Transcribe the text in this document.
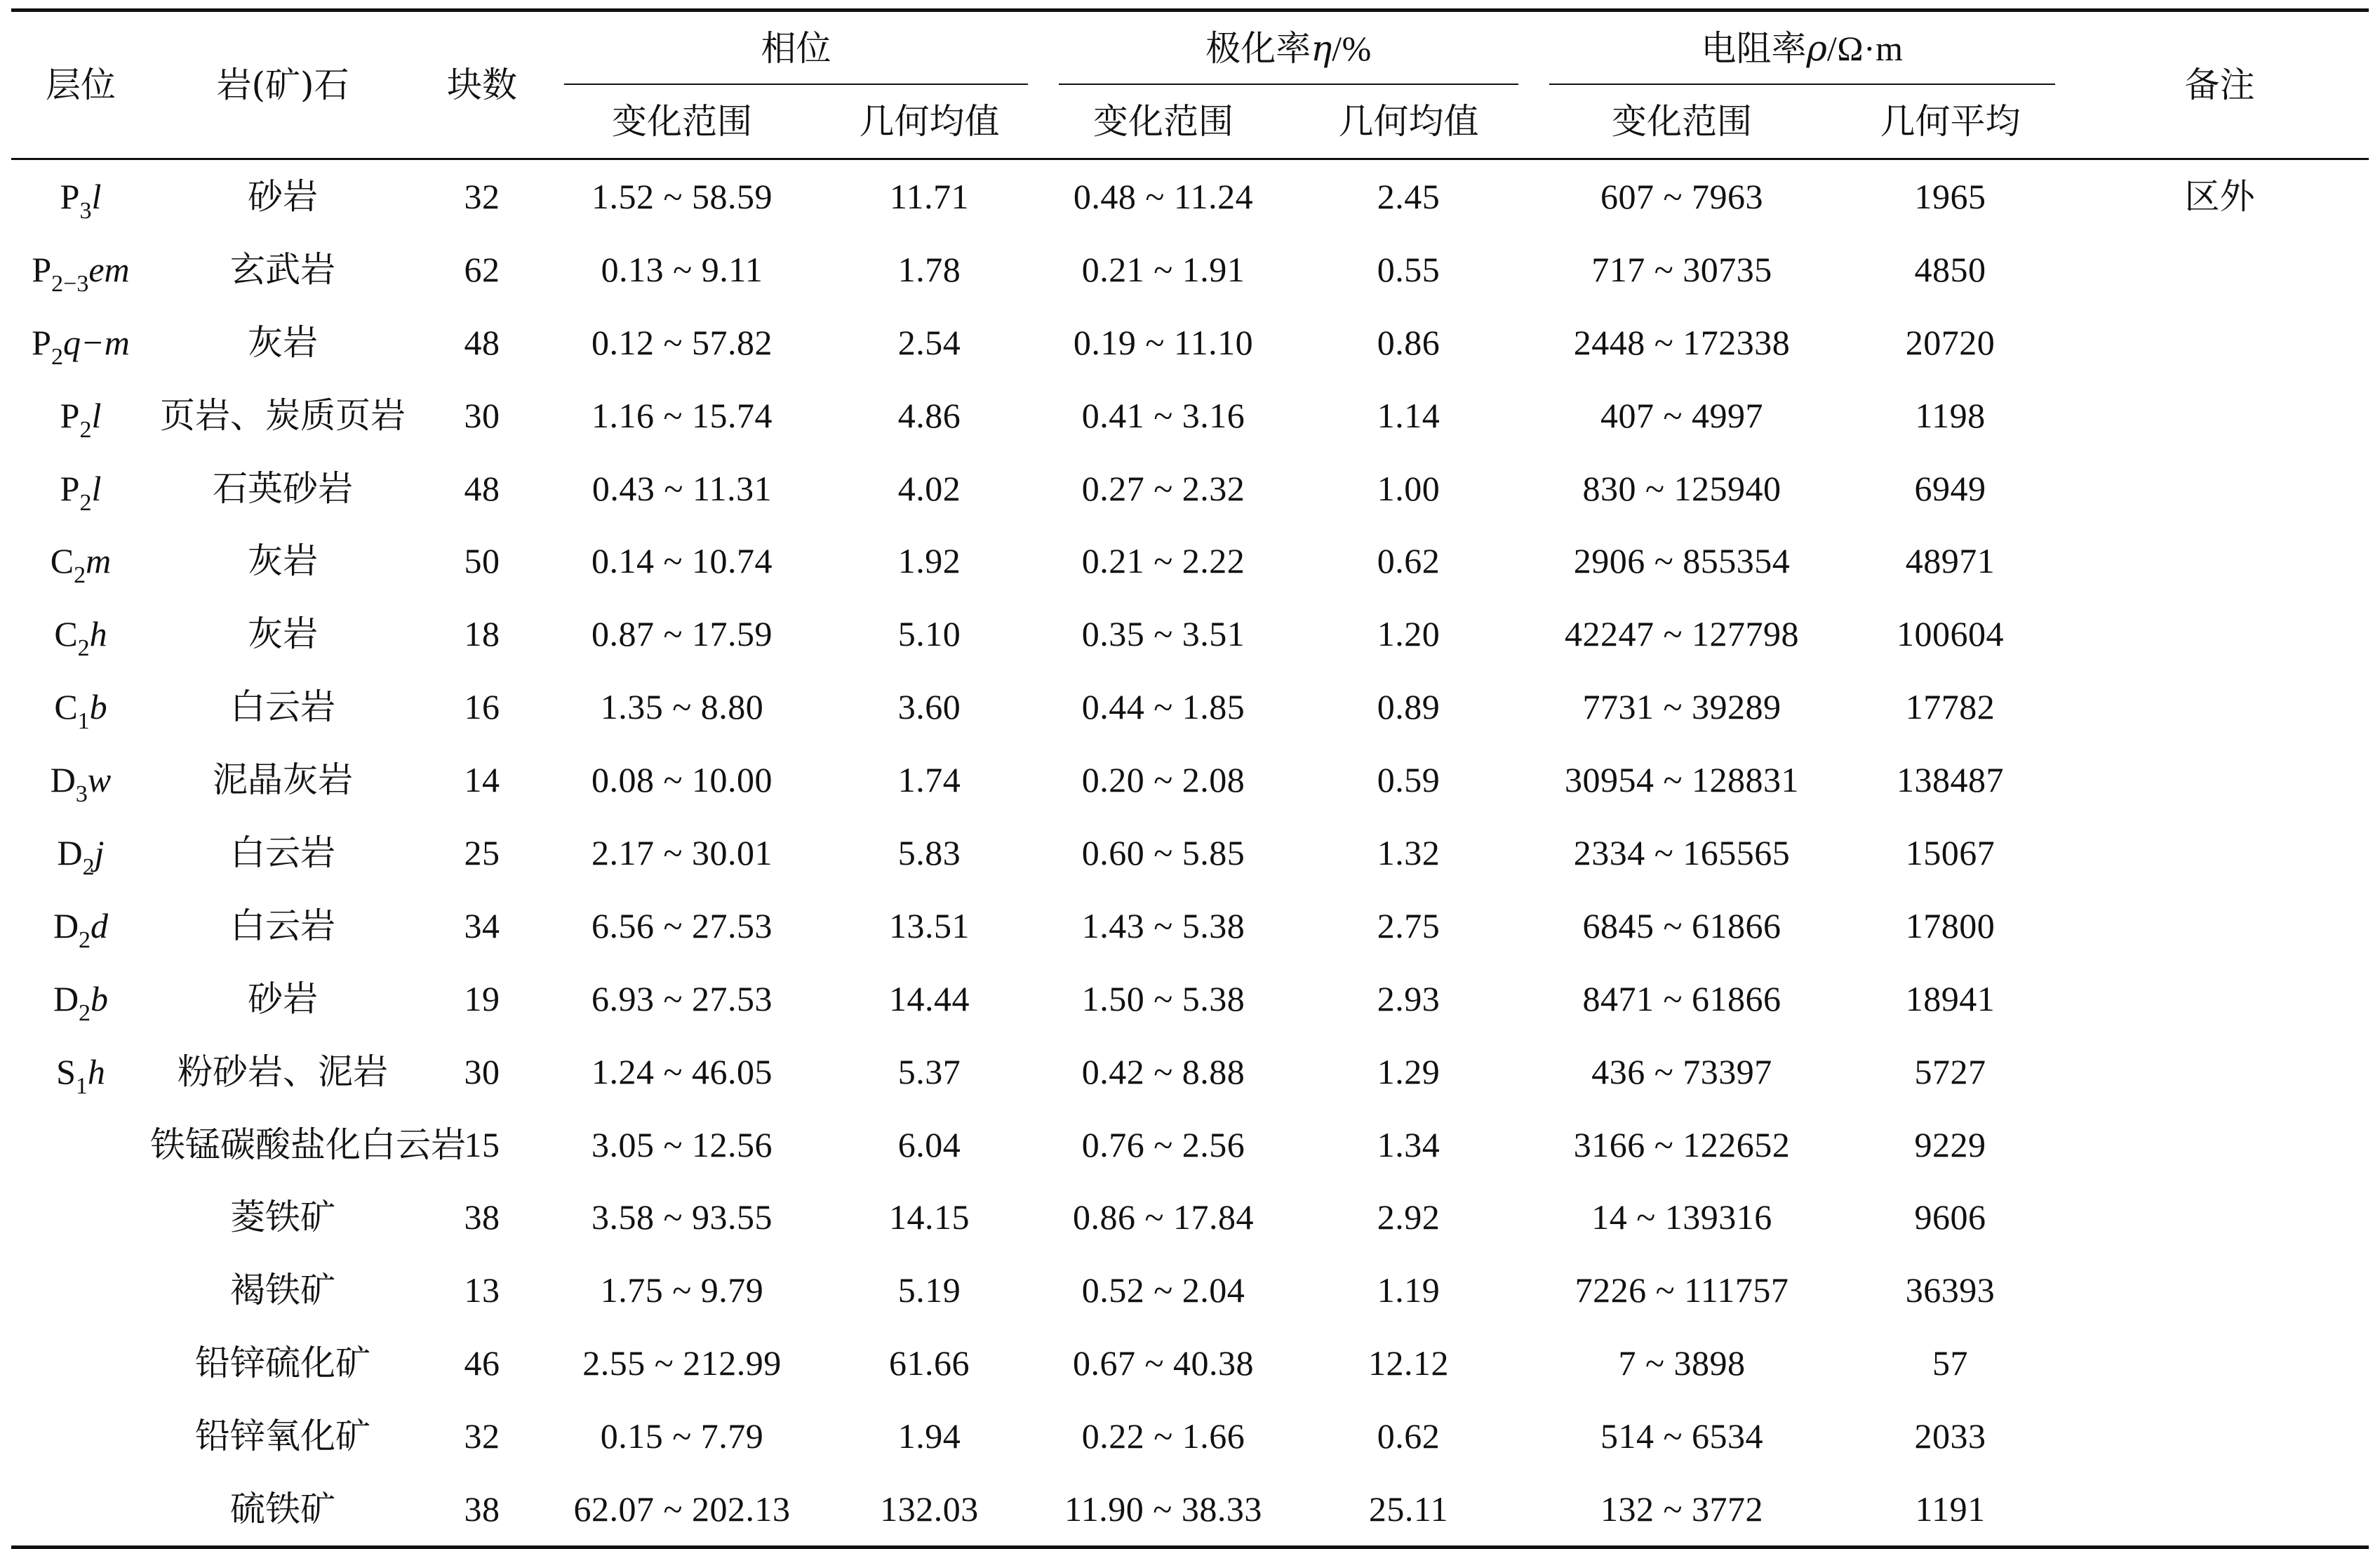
层位	岩(矿)石	块数	相位		极化率η/%		电阻率ρ/Ω·m		备注
			变化范围	几何均值	变化范围	几何均值	变化范围	几何平均	
$P_3l$	砂岩	32	1.52 ~ 58.59	11.71	0.48 ~ 11.24	2.45	607 ~ 7963	1965	区外
$P_{2-3}em$	玄武岩	62	0.13 ~ 9.11	1.78	0.21 ~ 1.91	0.55	717 ~ 30735	4850	
$P_2q-m$	灰岩	48	0.12 ~ 57.82	2.54	0.19 ~ 11.10	0.86	2448 ~ 172338	20720	
$P_2l$	页岩、炭质页岩	30	1.16 ~ 15.74	4.86	0.41 ~ 3.16	1.14	407 ~ 4997	1198	
$P_2l$	石英砂岩	48	0.43 ~ 11.31	4.02	0.27 ~ 2.32	1.00	830 ~ 125940	6949	
$C_2m$	灰岩	50	0.14 ~ 10.74	1.92	0.21 ~ 2.22	0.62	2906 ~ 855354	48971	
$C_2h$	灰岩	18	0.87 ~ 17.59	5.10	0.35 ~ 3.51	1.20	42247 ~ 127798	100604	
$C_1b$	白云岩	16	1.35 ~ 8.80	3.60	0.44 ~ 1.85	0.89	7731 ~ 39289	17782	
$D_3w$	泥晶灰岩	14	0.08 ~ 10.00	1.74	0.20 ~ 2.08	0.59	30954 ~ 128831	138487	
$D_2j$	白云岩	25	2.17 ~ 30.01	5.83	0.60 ~ 5.85	1.32	2334 ~ 165565	15067	
$D_2d$	白云岩	34	6.56 ~ 27.53	13.51	1.43 ~ 5.38	2.75	6845 ~ 61866	17800	
$D_2b$	砂岩	19	6.93 ~ 27.53	14.44	1.50 ~ 5.38	2.93	8471 ~ 61866	18941	
$S_1h$	粉砂岩、泥岩	30	1.24 ~ 46.05	5.37	0.42 ~ 8.88	1.29	436 ~ 73397	5727	
	铁锰碳酸盐化白云岩	15	3.05 ~ 12.56	6.04	0.76 ~ 2.56	1.34	3166 ~ 122652	9229	
	菱铁矿	38	3.58 ~ 93.55	14.15	0.86 ~ 17.84	2.92	14 ~ 139316	9606	
	褐铁矿	13	1.75 ~ 9.79	5.19	0.52 ~ 2.04	1.19	7226 ~ 111757	36393	
	铅锌硫化矿	46	2.55 ~ 212.99	61.66	0.67 ~ 40.38	12.12	7 ~ 3898	57	
	铅锌氧化矿	32	0.15 ~ 7.79	1.94	0.22 ~ 1.66	0.62	514 ~ 6534	2033	
	硫铁矿	38	62.07 ~ 202.13	132.03	11.90 ~ 38.33	25.11	132 ~ 3772	1191	
